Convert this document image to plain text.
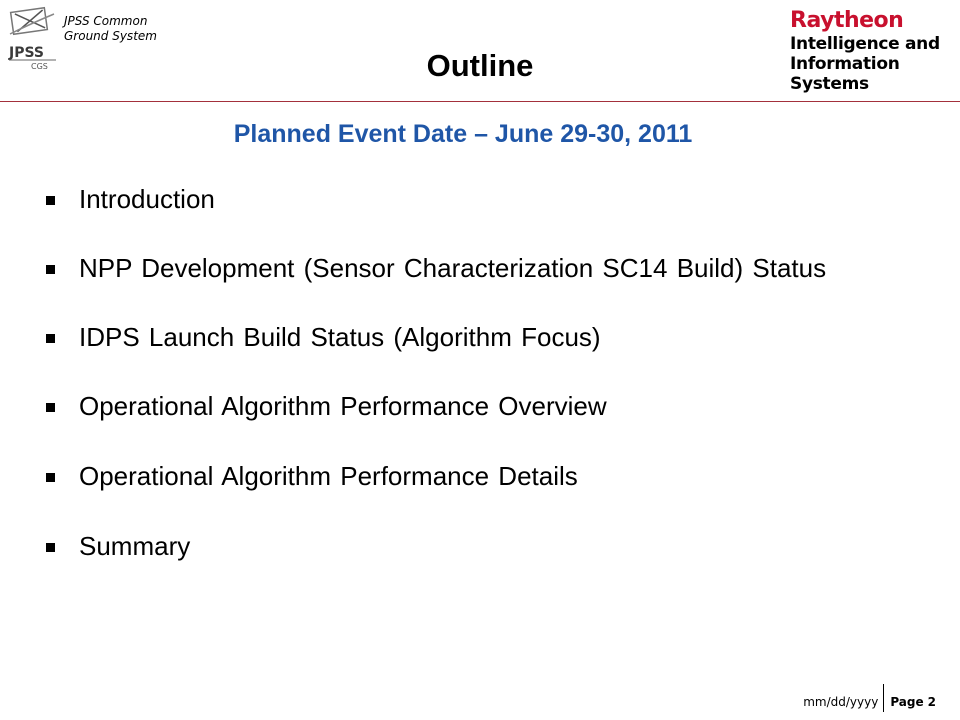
JPSS
CGS
JPSS Common
Ground System
Outline
Raytheon
Intelligence and
Information Systems
Planned Event Date – June 29-30, 2011
Introduction
NPP Development (Sensor Characterization SC14 Build) Status
IDPS Launch Build Status (Algorithm Focus)
Operational Algorithm Performance Overview
Operational Algorithm Performance Details
Summary
mm/dd/yyyy	Page 2
